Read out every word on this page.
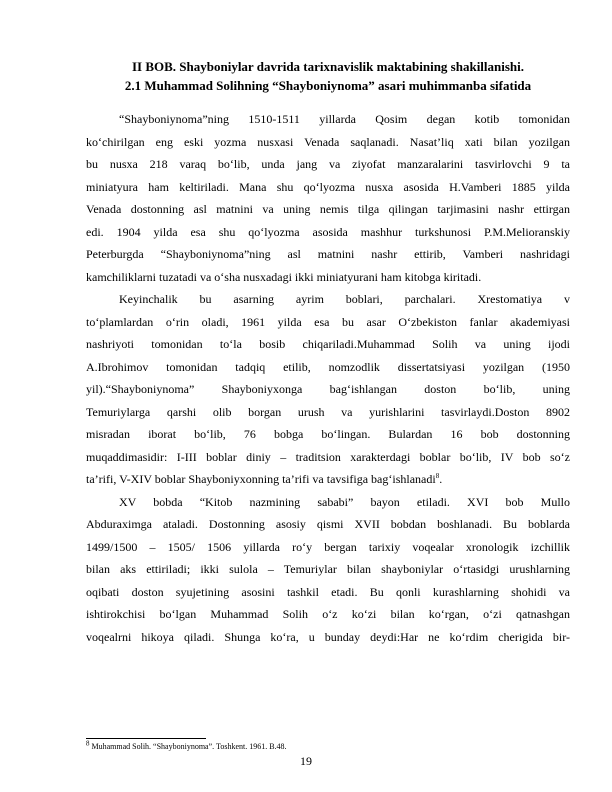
II BOB. Shayboniylar davrida tarixnavislik maktabining shakillanishi.
2.1 Muhammad Solihning “Shayboniynoma” asari muhimmanba sifatida
“Shayboniynoma”ning 1510-1511 yillarda Qosim degan kotib tomonidan
ko‘chirilgan eng eski yozma nusxasi Venada saqlanadi. Nasat’liq xati bilan yozilgan
bu nusxa 218 varaq bo‘lib, unda jang va ziyofat manzaralarini tasvirlovchi 9 ta
miniatyura ham keltiriladi. Mana shu qo‘lyozma nusxa asosida H.Vamberi 1885 yilda
Venada dostonning asl matnini va uning nemis tilga qilingan tarjimasini nashr ettirgan
edi. 1904 yilda esa shu qo‘lyozma asosida mashhur turkshunosi P.M.Melioranskiy
Peterburgda “Shayboniynoma”ning asl matnini nashr ettirib, Vamberi nashridagi
kamchiliklarni tuzatadi va o‘sha nusxadagi ikki miniatyurani ham kitobga kiritadi.
Keyinchalik bu asarning ayrim boblari, parchalari. Xrestomatiya v
to‘plamlardan o‘rin oladi, 1961 yilda esa bu asar O‘zbekiston fanlar akademiyasi
nashriyoti tomonidan to‘la bosib chiqariladi.Muhammad Solih va uning ijodi
A.Ibrohimov tomonidan tadqiq etilib, nomzodlik dissertatsiyasi yozilgan (1950
yil).“Shayboniynoma” Shayboniyxonga bag‘ishlangan doston bo‘lib, uning
Temuriylarga qarshi olib borgan urush va yurishlarini tasvirlaydi.Doston 8902
misradan iborat bo‘lib, 76 bobga bo‘lingan. Bulardan 16 bob dostonning
muqaddimasidir: I-III boblar diniy – traditsion xarakterdagi boblar bo‘lib, IV bob so‘z
ta’rifi, V-XIV boblar Shayboniyxonning ta’rifi va tavsifiga bag‘ishlanadi$^8$.
XV bobda “Kitob nazmining sababi” bayon etiladi. XVI bob Mullo
Abduraximga ataladi. Dostonning asosiy qismi XVII bobdan boshlanadi. Bu boblarda
1499/1500 – 1505/ 1506 yillarda ro‘y bergan tarixiy voqealar xronologik izchillik
bilan aks ettiriladi; ikki sulola – Temuriylar bilan shayboniylar o‘rtasidgi urushlarning
oqibati doston syujetining asosini tashkil etadi. Bu qonli kurashlarning shohidi va
ishtirokchisi bo‘lgan Muhammad Solih o‘z ko‘zi bilan ko‘rgan, o‘zi qatnashgan
voqealrni hikoya qiladi. Shunga ko‘ra, u bunday deydi:Har ne ko‘rdim cherigida bir-
$^8$ Muhammad Solih. “Shayboniynoma”. Toshkent. 1961. B.48.
19
